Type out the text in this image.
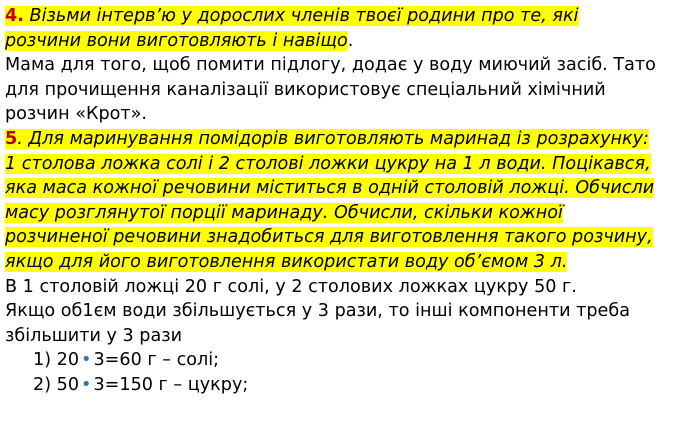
4. Візьми інтерв’ю у дорослих членів твоєї родини про те, які
розчини вони виготовляють і навіщо.
Мама для того, щоб помити підлогу, додає у воду миючий засіб. Тато
для прочищення каналізації використовує спеціальний хімічний
розчин «Крот».
5. Для маринування помідорів виготовляють маринад із розрахунку:
1 столова ложка солі і 2 столові ложки цукру на 1 л води. Поцікався,
яка маса кожної речовини міститься в одній столовій ложці. Обчисли
масу розглянутої порції маринаду. Обчисли, скільки кожної
розчиненої речовини знадобиться для виготовлення такого розчину,
якщо для його виготовлення використати воду об’ємом 3 л.
В 1 столовій ложці 20 г солі, у 2 столових ложках цукру 50 г.
Якщо об1єм води збільшується у 3 рази, то інші компоненти треба
збільшити у 3 рази
1) 20 • 3=60 г – солі;
2) 50 • 3=150 г – цукру;
